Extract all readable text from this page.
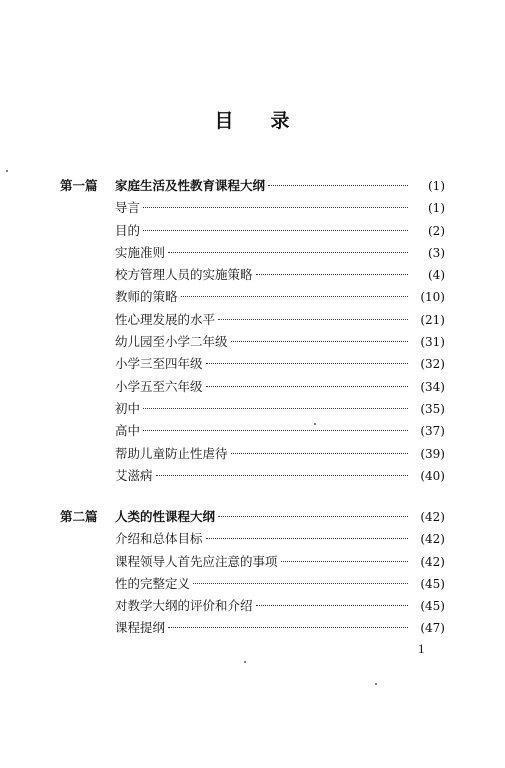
目 录
第一篇	家庭生活及性教育课程大纲	(1)
导言	(1)
目的	(2)
实施准则	(3)
校方管理人员的实施策略	(4)
教师的策略	(10)
性心理发展的水平	(21)
幼儿园至小学二年级	(31)
小学三至四年级	(32)
小学五至六年级	(34)
初中	(35)
高中	(37)
帮助儿童防止性虐待	(39)
艾滋病	(40)
第二篇	人类的性课程大纲	(42)
介绍和总体目标	(42)
课程领导人首先应注意的事项	(42)
性的完整定义	(45)
对教学大纲的评价和介绍	(45)
课程提纲	(47)
1
